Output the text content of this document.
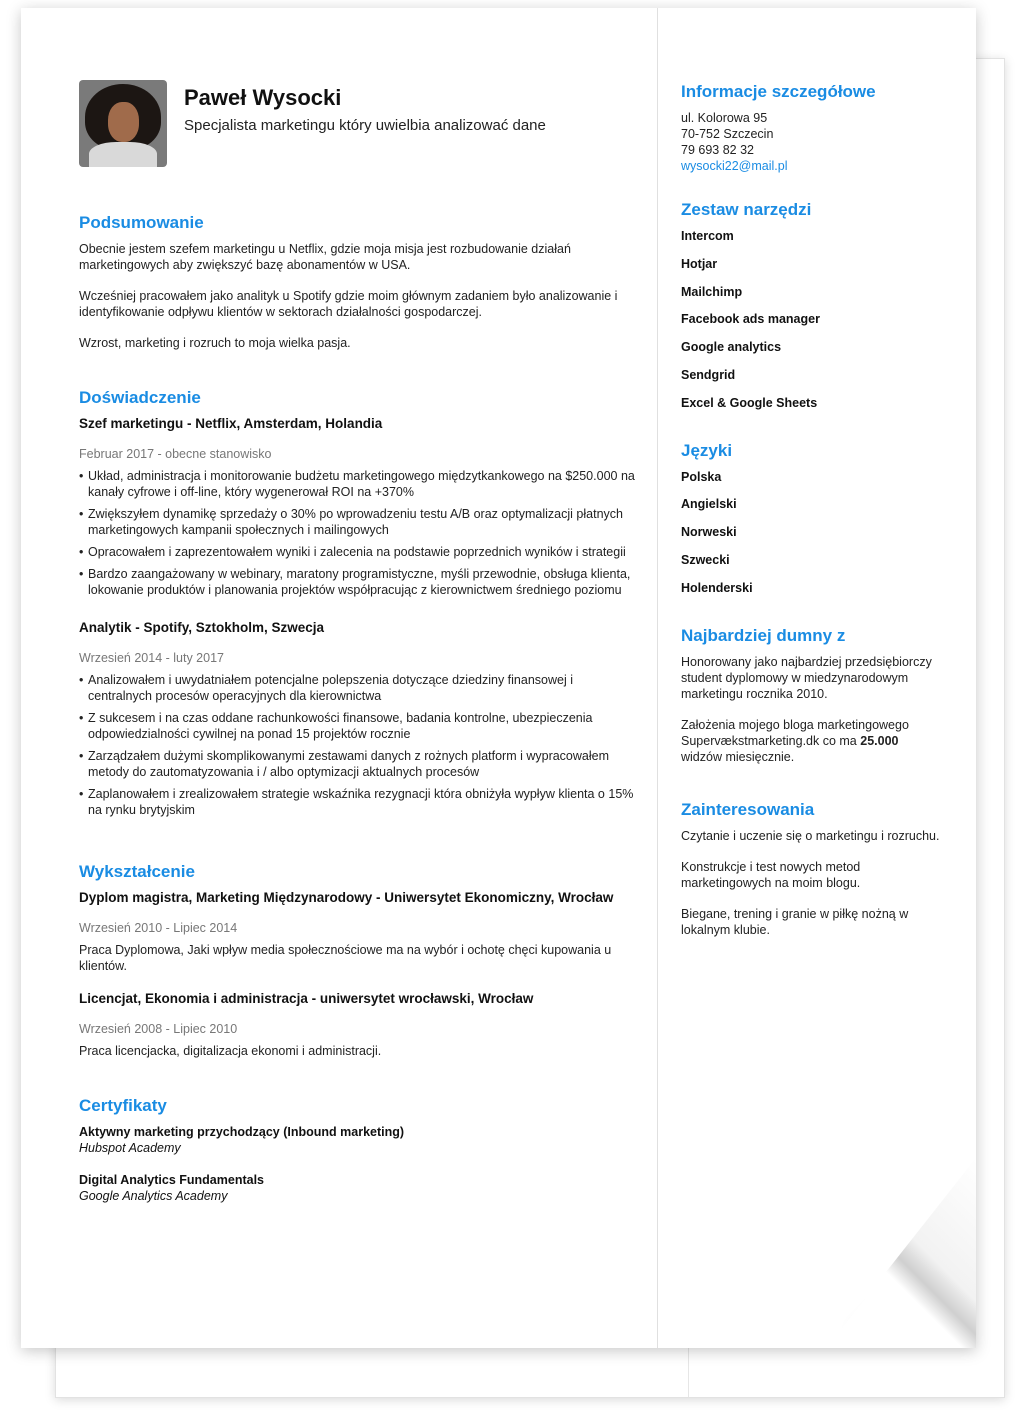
Paweł Wysocki
Specjalista marketingu który uwielbia analizować dane
Podsumowanie

Obecnie jestem szefem marketingu u Netflix, gdzie moja misja jest rozbudowanie działań marketingowych aby zwiększyć bazę abonamentów w USA.

Wcześniej pracowałem jako analityk u Spotify gdzie moim głównym zadaniem było analizowanie i identyfikowanie odpływu klientów w sektorach działalności gospodarczej.

Wzrost, marketing i rozruch to moja wielka pasja.

Doświadczenie
Szef marketingu - Netflix, Amsterdam, Holandia
Februar 2017 - obecne stanowisko
• Układ, administracja i monitorowanie budżetu marketingowego międzytkankowego na $250.000 na kanały cyfrowe i off-line, który wygenerował ROI na +370%
• Zwiększyłem dynamikę sprzedaży o 30% po wprowadzeniu testu A/B oraz optymalizacji płatnych marketingowych kampanii społecznych i mailingowych
• Opracowałem i zaprezentowałem wyniki i zalecenia na podstawie poprzednich wyników i strategii
• Bardzo zaangażowany w webinary, maratony programistyczne, myśli przewodnie, obsługa klienta, lokowanie produktów i planowania projektów współpracując z kierownictwem średniego poziomu
Analytik - Spotify, Sztokholm, Szwecja
Wrzesień 2014 - luty 2017
• Analizowałem i uwydatniałem potencjalne polepszenia dotyczące dziedziny finansowej i centralnych procesów operacyjnych dla kierownictwa
• Z sukcesem i na czas oddane rachunkowości finansowe, badania kontrolne, ubezpieczenia odpowiedzialności cywilnej na ponad 15 projektów rocznie
• Zarządzałem dużymi skomplikowanymi zestawami danych z rożnych platform i wypracowałem metody do zautomatyzowania i / albo optymizacji aktualnych procesów
• Zaplanowałem i zrealizowałem strategie wskaźnika rezygnacji która obniżyła wypływ klienta o 15% na rynku brytyjskim
Wykształcenie
Dyplom magistra, Marketing Międzynarodowy - Uniwersytet Ekonomiczny, Wrocław
Wrzesień 2010 - Lipiec 2014

Praca Dyplomowa, Jaki wpływ media społecznościowe ma na wybór i ochotę chęci kupowania u klientów.

Licencjat, Ekonomia i administracja - uniwersytet wrocławski, Wrocław
Wrzesień 2008 - Lipiec 2010

Praca licencjacka, digitalizacja ekonomi i administracji.

Certyfikaty
Aktywny marketing przychodzący (Inbound marketing)
Hubspot Academy
Digital Analytics Fundamentals
Google Analytics Academy
Informacje szczegółowe
ul. Kolorowa 95
70-752 Szczecin
79 693 82 32
wysocki22@mail.pl
Zestaw narzędzi
Intercom
Hotjar
Mailchimp
Facebook ads manager
Google analytics
Sendgrid
Excel & Google Sheets
Języki
Polska
Angielski
Norweski
Szwecki
Holenderski
Najbardziej dumny z

Honorowany jako najbardziej przedsiębiorczy student dyplomowy w miedzynarodowym marketingu rocznika 2010.

Założenia mojego bloga marketingowego Supervækstmarketing.dk co ma 25.000 widzów miesięcznie.

Zainteresowania

Czytanie i uczenie się o marketingu i rozruchu.

Konstrukcje i test nowych metod marketingowych na moim blogu.

Biegane, trening i granie w piłkę nożną w lokalnym klubie.
